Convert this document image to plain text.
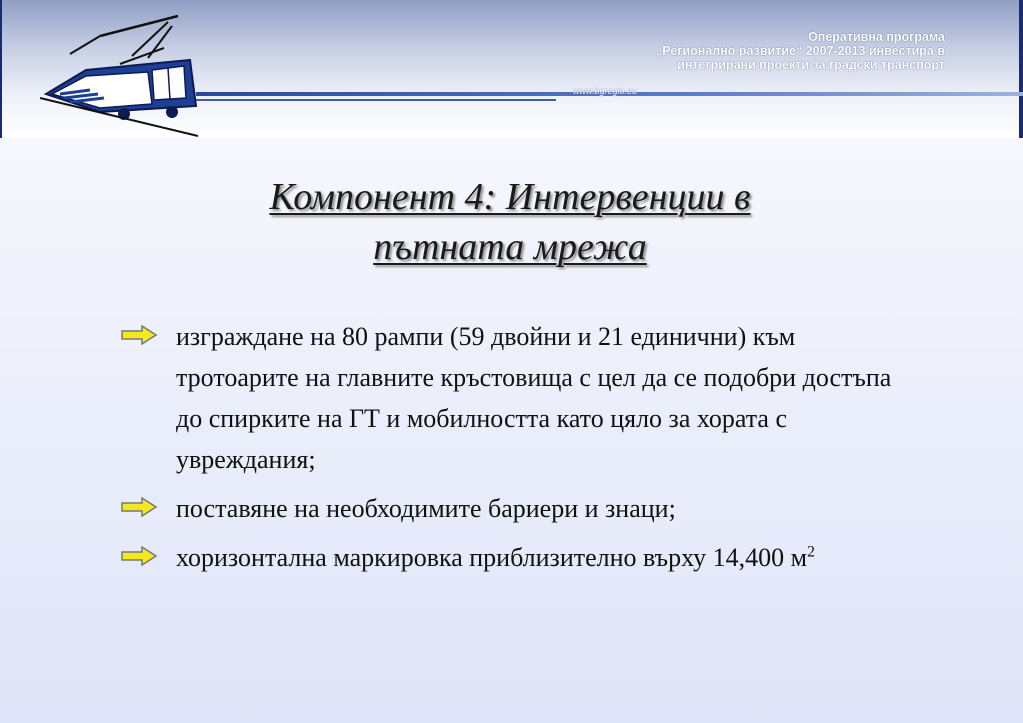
Оперативна програма
„Регионално развитие“ 2007-2013 инвестира в
интегрирани проекти за градски транспорт
www.bgregio.eu
Компонент 4: Интервенции в
пътната мрежа
изграждане на 80 рампи (59 двойни и 21 единични) към тротоарите на главните кръстовища с цел да се подобри достъпа до спирките на ГТ и мобилността като цяло за хората с увреждания;
поставяне на необходимите бариери и знаци;
хоризонтална маркировка приблизително върху 14,400 $м^2$
